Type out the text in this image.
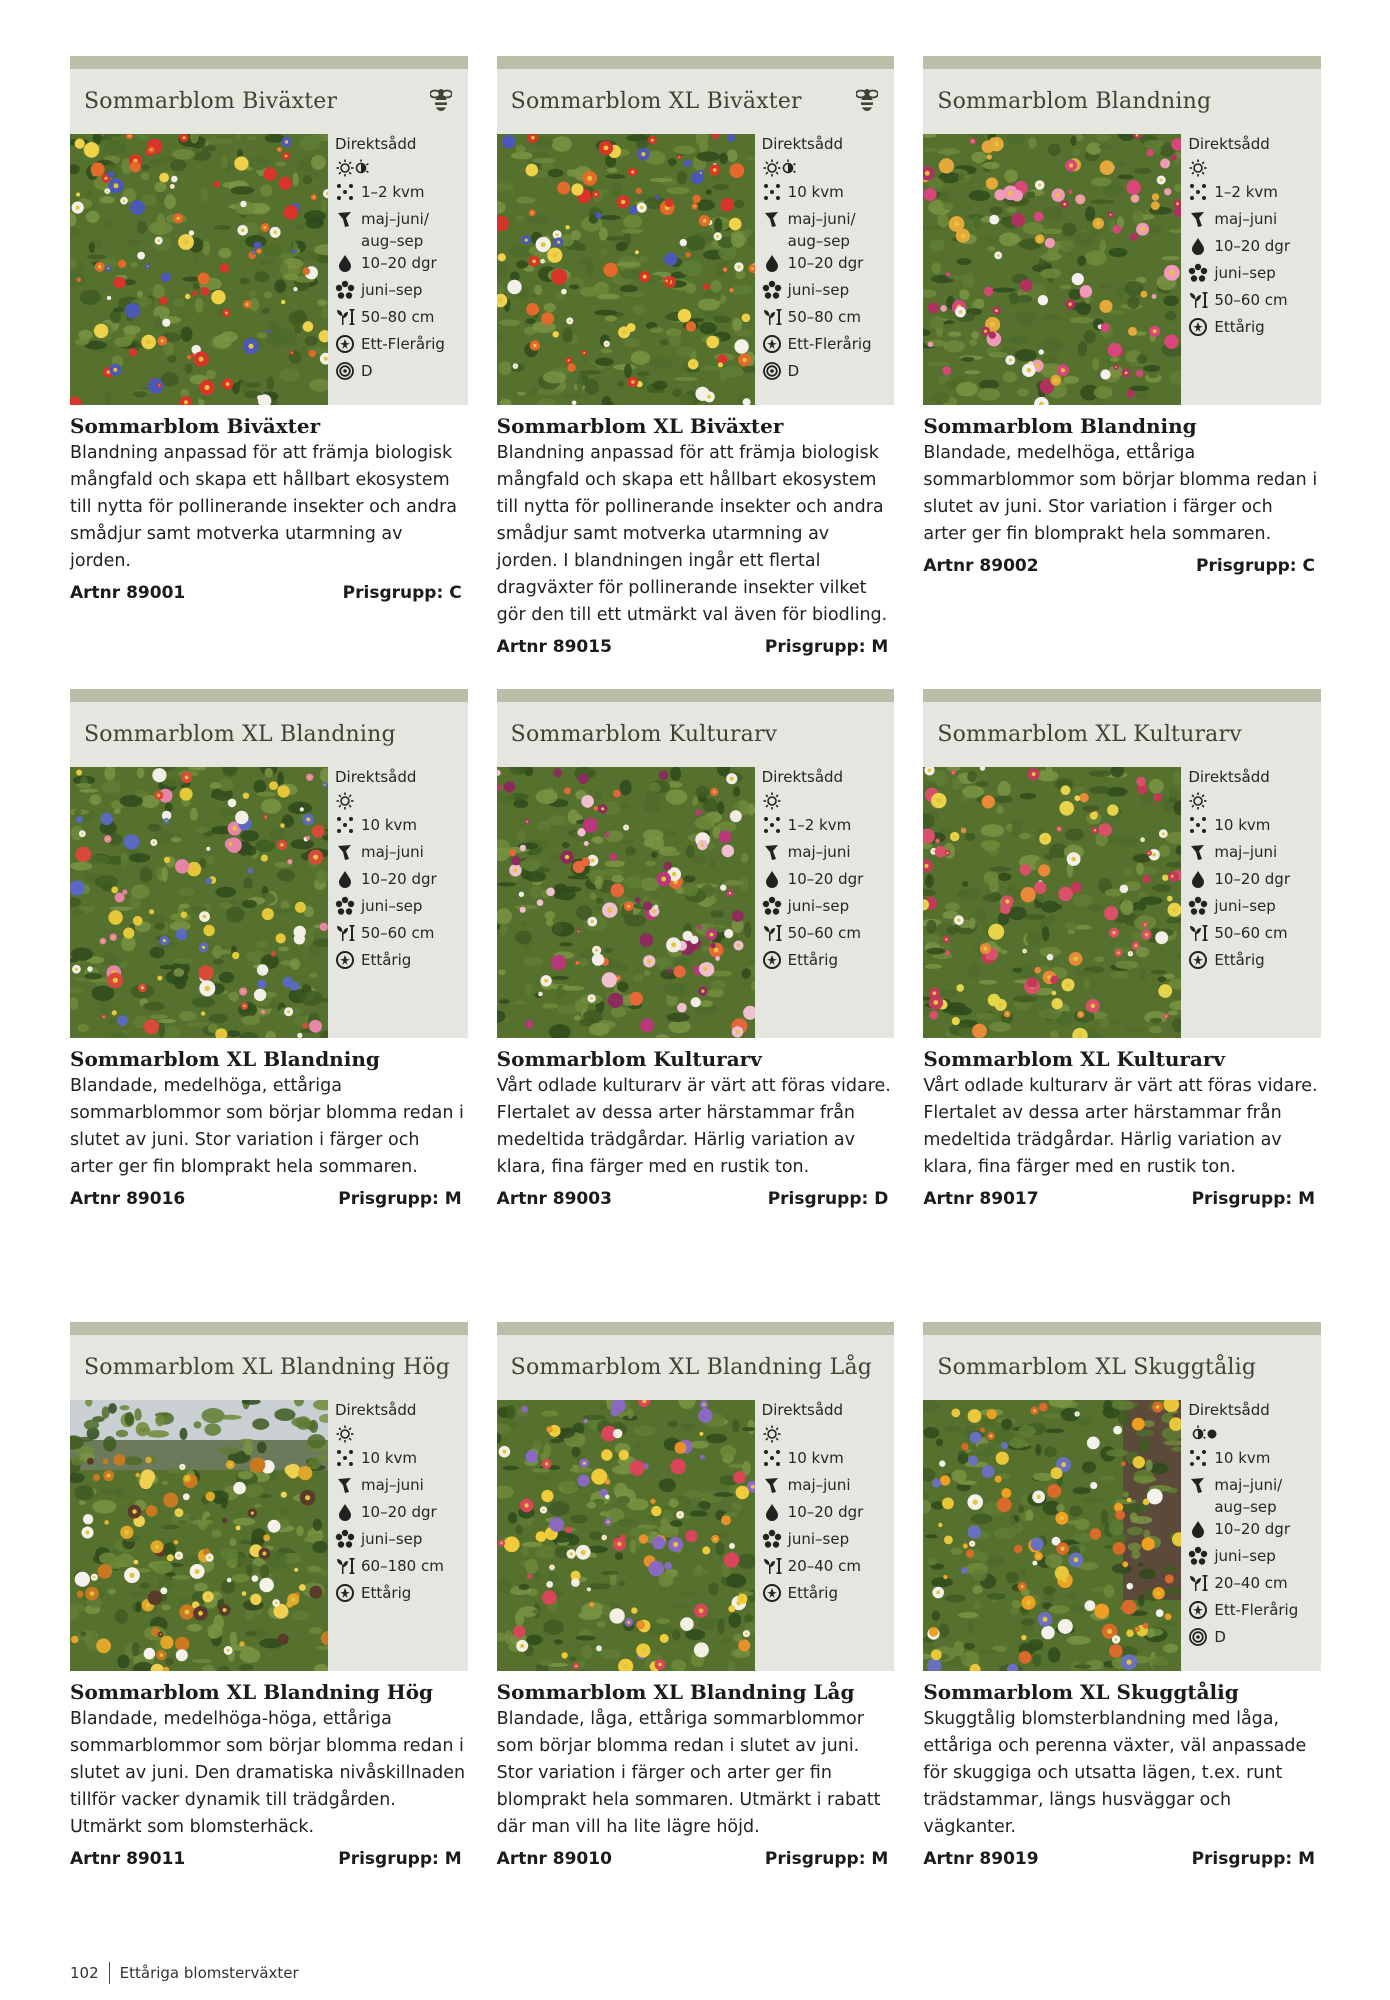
Sommarblom Biväxter
Direktsådd
1–2 kvm
maj–juni/
aug–sep
10–20 dgr
juni–sep
50–80 cm
Ett-Flerårig
D
Sommarblom Biväxter
Blandning anpassad för att främja biologisk mångfald och skapa ett hållbart ekosystem till nytta för pollinerande insekter och andra smådjur samt motverka utarmning av jorden.
Artnr 89001	Prisgrupp: C
Sommarblom XL Biväxter
Direktsådd
10 kvm
maj–juni/
aug–sep
10–20 dgr
juni–sep
50–80 cm
Ett-Flerårig
D
Sommarblom XL Biväxter
Blandning anpassad för att främja biologisk mångfald och skapa ett hållbart ekosystem till nytta för pollinerande insekter och andra smådjur samt motverka utarmning av jorden. I blandningen ingår ett flertal dragväxter för pollinerande insekter vilket gör den till ett utmärkt val även för biodling.
Artnr 89015	Prisgrupp: M
Sommarblom Blandning
Direktsådd
1–2 kvm
maj–juni
10–20 dgr
juni–sep
50–60 cm
Ettårig
Sommarblom Blandning
Blandade, medelhöga, ettåriga sommarblommor som börjar blomma redan i slutet av juni. Stor variation i färger och arter ger fin blomprakt hela sommaren.
Artnr 89002	Prisgrupp: C
Sommarblom XL Blandning
Direktsådd
10 kvm
maj–juni
10–20 dgr
juni–sep
50–60 cm
Ettårig
Sommarblom XL Blandning
Blandade, medelhöga, ettåriga sommarblommor som börjar blomma redan i slutet av juni. Stor variation i färger och arter ger fin blomprakt hela sommaren.
Artnr 89016	Prisgrupp: M
Sommarblom Kulturarv
Direktsådd
1–2 kvm
maj–juni
10–20 dgr
juni–sep
50–60 cm
Ettårig
Sommarblom Kulturarv
Vårt odlade kulturarv är värt att föras vidare. Flertalet av dessa arter härstammar från medeltida trädgårdar. Härlig variation av klara, fina färger med en rustik ton.
Artnr 89003	Prisgrupp: D
Sommarblom XL Kulturarv
Direktsådd
10 kvm
maj–juni
10–20 dgr
juni–sep
50–60 cm
Ettårig
Sommarblom XL Kulturarv
Vårt odlade kulturarv är värt att föras vidare. Flertalet av dessa arter härstammar från medeltida trädgårdar. Härlig variation av klara, fina färger med en rustik ton.
Artnr 89017	Prisgrupp: M
Sommarblom XL Blandning Hög
Direktsådd
10 kvm
maj–juni
10–20 dgr
juni–sep
60–180 cm
Ettårig
Sommarblom XL Blandning Hög
Blandade, medelhöga-höga, ettåriga sommarblommor som börjar blomma redan i slutet av juni. Den dramatiska nivåskillnaden tillför vacker dynamik till trädgården. Utmärkt som blomsterhäck.
Artnr 89011	Prisgrupp: M
Sommarblom XL Blandning Låg
Direktsådd
10 kvm
maj–juni
10–20 dgr
juni–sep
20–40 cm
Ettårig
Sommarblom XL Blandning Låg
Blandade, låga, ettåriga sommarblommor som börjar blomma redan i slutet av juni. Stor variation i färger och arter ger fin blomprakt hela sommaren. Utmärkt i rabatt där man vill ha lite lägre höjd.
Artnr 89010	Prisgrupp: M
Sommarblom XL Skuggtålig
Direktsådd
10 kvm
maj–juni/
aug–sep
10–20 dgr
juni–sep
20–40 cm
Ett-Flerårig
D
Sommarblom XL Skuggtålig
Skuggtålig blomsterblandning med låga, ettåriga och perenna växter, väl anpassade för skuggiga och utsatta lägen, t.ex. runt trädstammar, längs husväggar och vägkanter.
Artnr 89019	Prisgrupp: M
102 Ettåriga blomsterväxter
